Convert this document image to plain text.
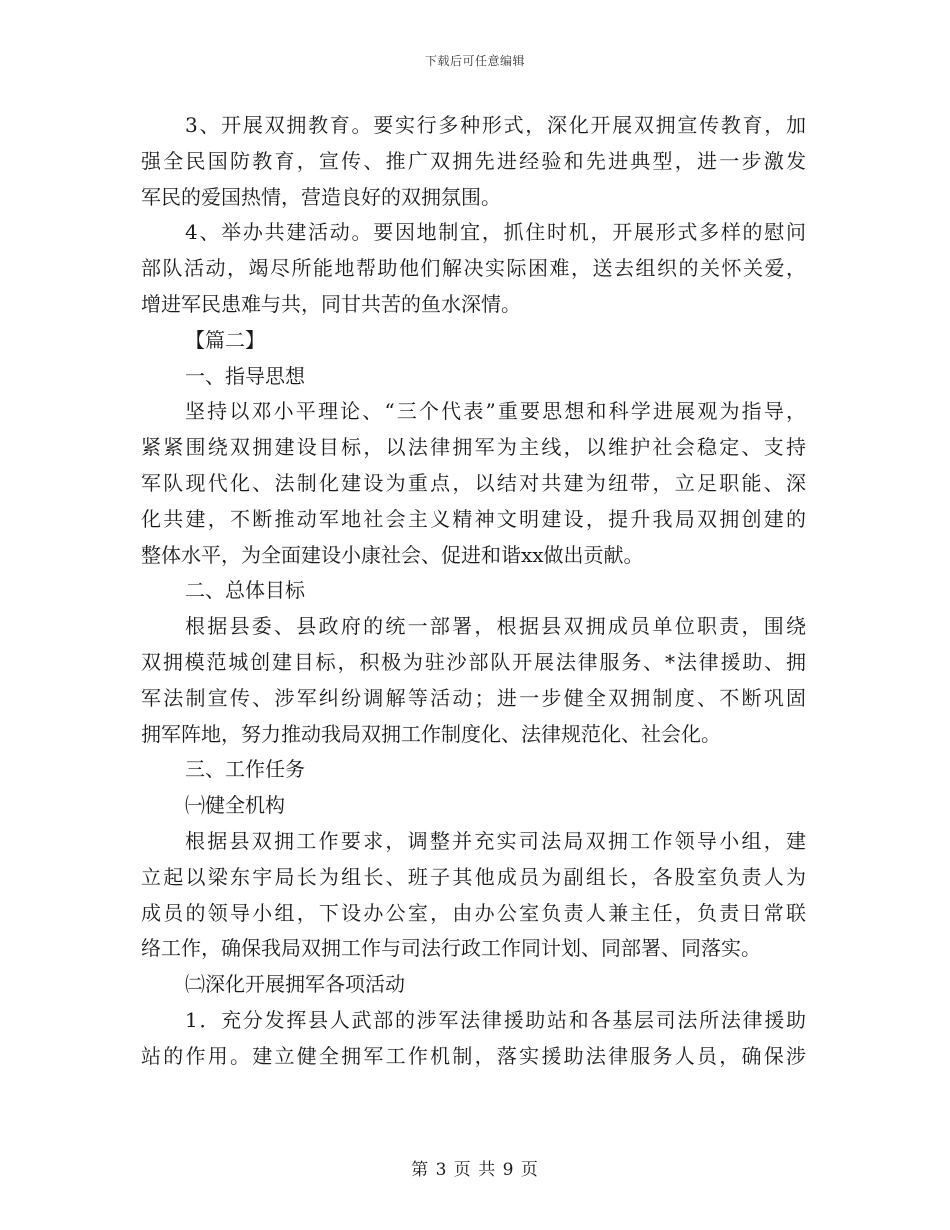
下载后可任意编辑
3、开展双拥教育。要实行多种形式，深化开展双拥宣传教育，加
强全民国防教育，宣传、推广双拥先进经验和先进典型，进一步激发
军民的爱国热情，营造良好的双拥氛围。
4、举办共建活动。要因地制宜，抓住时机，开展形式多样的慰问
部队活动，竭尽所能地帮助他们解决实际困难，送去组织的关怀关爱，
增进军民患难与共，同甘共苦的鱼水深情。
【篇二】
一、指导思想
坚持以邓小平理论、“三个代表”重要思想和科学进展观为指导，
紧紧围绕双拥建设目标，以法律拥军为主线，以维护社会稳定、支持
军队现代化、法制化建设为重点，以结对共建为纽带，立足职能、深
化共建，不断推动军地社会主义精神文明建设，提升我局双拥创建的
整体水平，为全面建设小康社会、促进和谐xx做出贡献。
二、总体目标
根据县委、县政府的统一部署，根据县双拥成员单位职责，围绕
双拥模范城创建目标，积极为驻沙部队开展法律服务、*法律援助、拥
军法制宣传、涉军纠纷调解等活动；进一步健全双拥制度、不断巩固
拥军阵地，努力推动我局双拥工作制度化、法律规范化、社会化。
三、工作任务
㈠健全机构
根据县双拥工作要求，调整并充实司法局双拥工作领导小组，建
立起以梁东宇局长为组长、班子其他成员为副组长，各股室负责人为
成员的领导小组，下设办公室，由办公室负责人兼主任，负责日常联
络工作，确保我局双拥工作与司法行政工作同计划、同部署、同落实。
㈡深化开展拥军各项活动
1．充分发挥县人武部的涉军法律援助站和各基层司法所法律援助
站的作用。建立健全拥军工作机制，落实援助法律服务人员，确保涉
第 3 页 共 9 页
